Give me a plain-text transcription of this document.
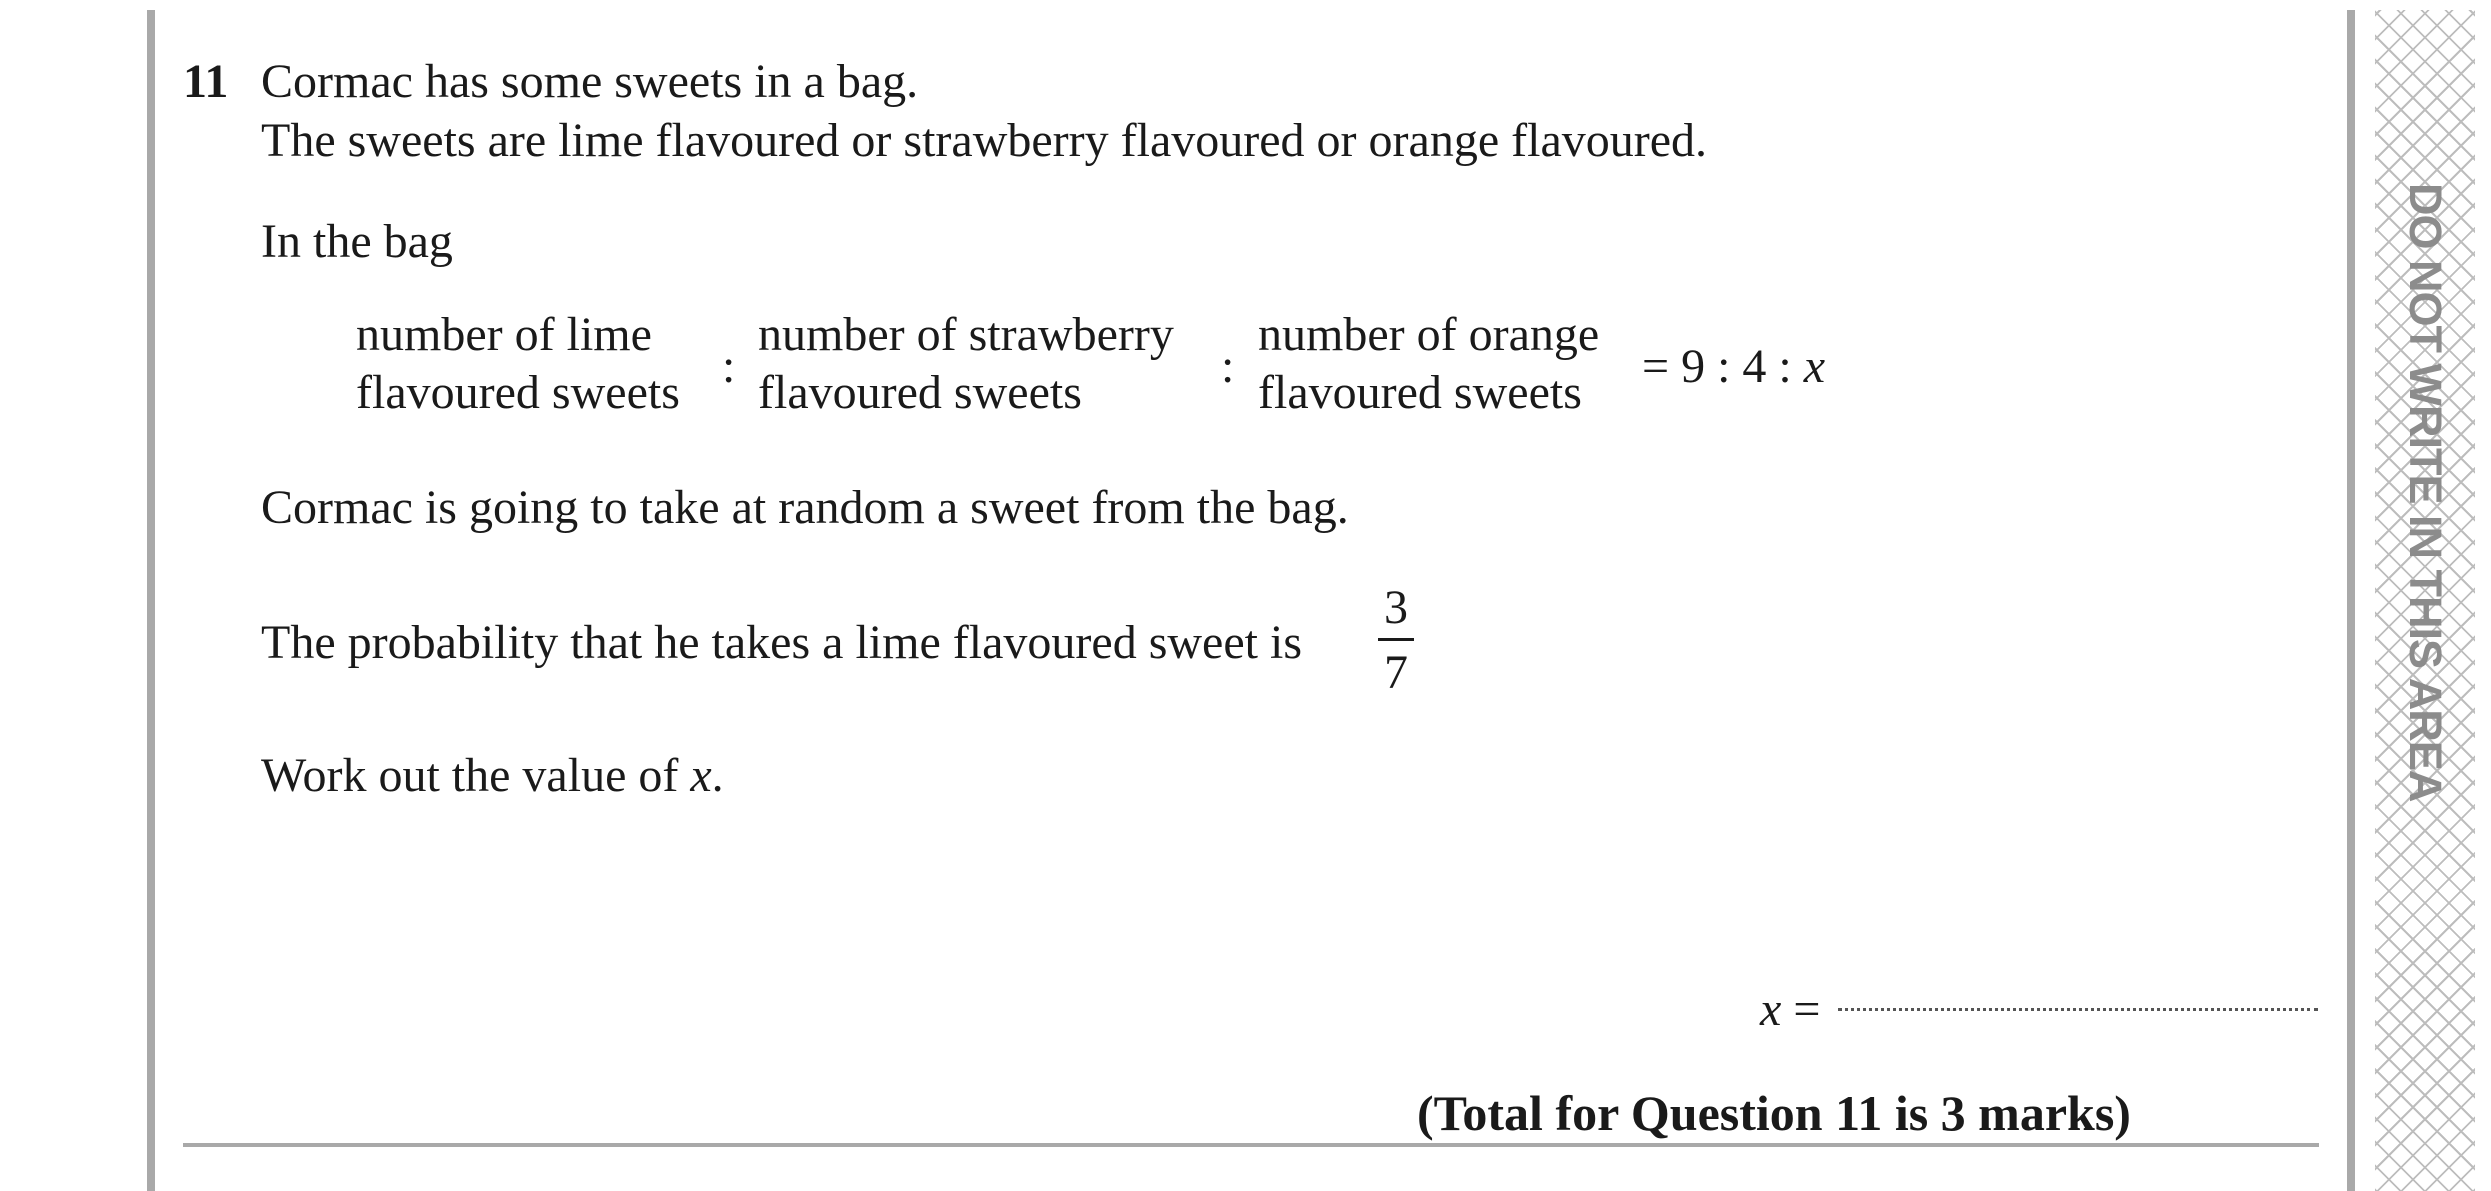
DO NOT WRITE IN THIS AREA
11 Cormac has some sweets in a bag.
The sweets are lime flavoured or strawberry flavoured or orange flavoured.
In the bag
number of lime
flavoured sweets :
number of strawberry
flavoured sweets	:
number of orange
flavoured sweets	= 9 : 4 : x
Cormac is going to take at random a sweet from the bag.
The probability that he takes a lime flavoured sweet is
3
7
Work out the value of x.
x =
(Total for Question 11 is 3 marks)
